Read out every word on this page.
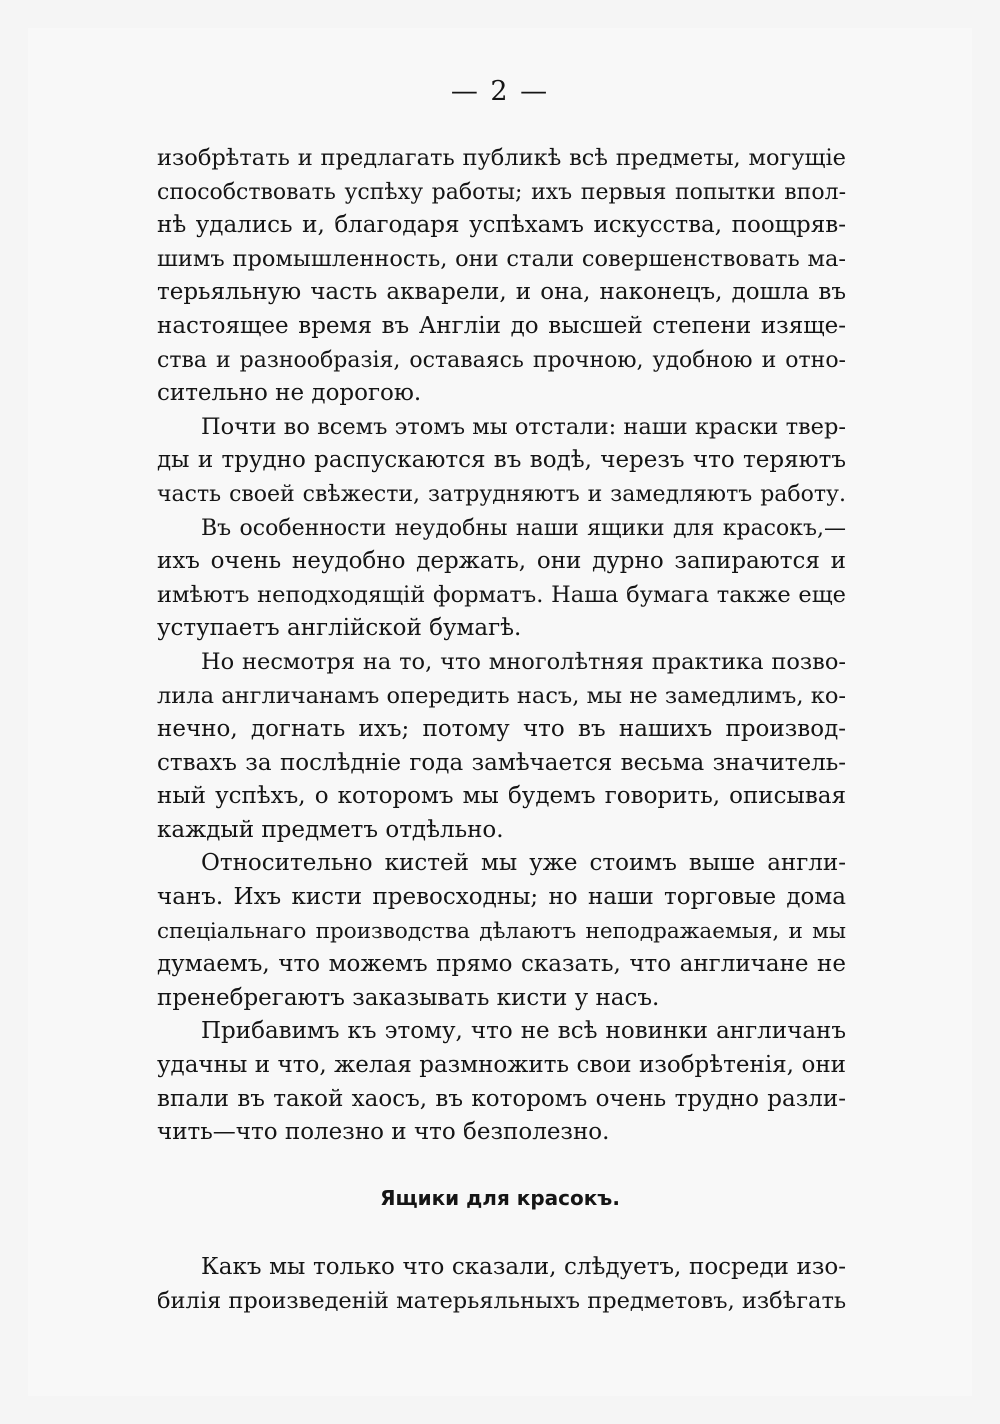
— 2 —
изобрѣтать и предлагать публикѣ всѣ предметы, могущіе
способствовать успѣху работы; ихъ первыя попытки впол-
нѣ удались и, благодаря успѣхамъ искусства, поощряв-
шимъ промышленность, они стали совершенствовать ма-
терьяльную часть акварели, и она, наконецъ, дошла въ
настоящее время въ Англіи до высшей степени изяще-
ства и разнообразія, оставаясь прочною, удобною и отно-
сительно не дорогою.
Почти во всемъ этомъ мы отстали: наши краски твер-
ды и трудно распускаются въ водѣ, черезъ что теряютъ
часть своей свѣжести, затрудняютъ и замедляютъ работу.
Въ особенности неудобны наши ящики для красокъ,—
ихъ очень неудобно держать, они дурно запираются и
имѣютъ неподходящій форматъ. Наша бумага также еще
уступаетъ англійской бумагѣ.
Но несмотря на то, что многолѣтняя практика позво-
лила англичанамъ опередить насъ, мы не замедлимъ, ко-
нечно, догнать ихъ; потому что въ нашихъ производ-
ствахъ за послѣдніе года замѣчается весьма значитель-
ный успѣхъ, о которомъ мы будемъ говорить, описывая
каждый предметъ отдѣльно.
Относительно кистей мы уже стоимъ выше англи-
чанъ. Ихъ кисти превосходны; но наши торговые дома
спеціальнаго производства дѣлаютъ неподражаемыя, и мы
думаемъ, что можемъ прямо сказать, что англичане не
пренебрегаютъ заказывать кисти у насъ.
Прибавимъ къ этому, что не всѣ новинки англичанъ
удачны и что, желая размножить свои изобрѣтенія, они
впали въ такой хаосъ, въ которомъ очень трудно разли-
чить—что полезно и что безполезно.
Ящики для красокъ.
Какъ мы только что сказали, слѣдуетъ, посреди изо-
билія произведеній матерьяльныхъ предметовъ, избѣгать
